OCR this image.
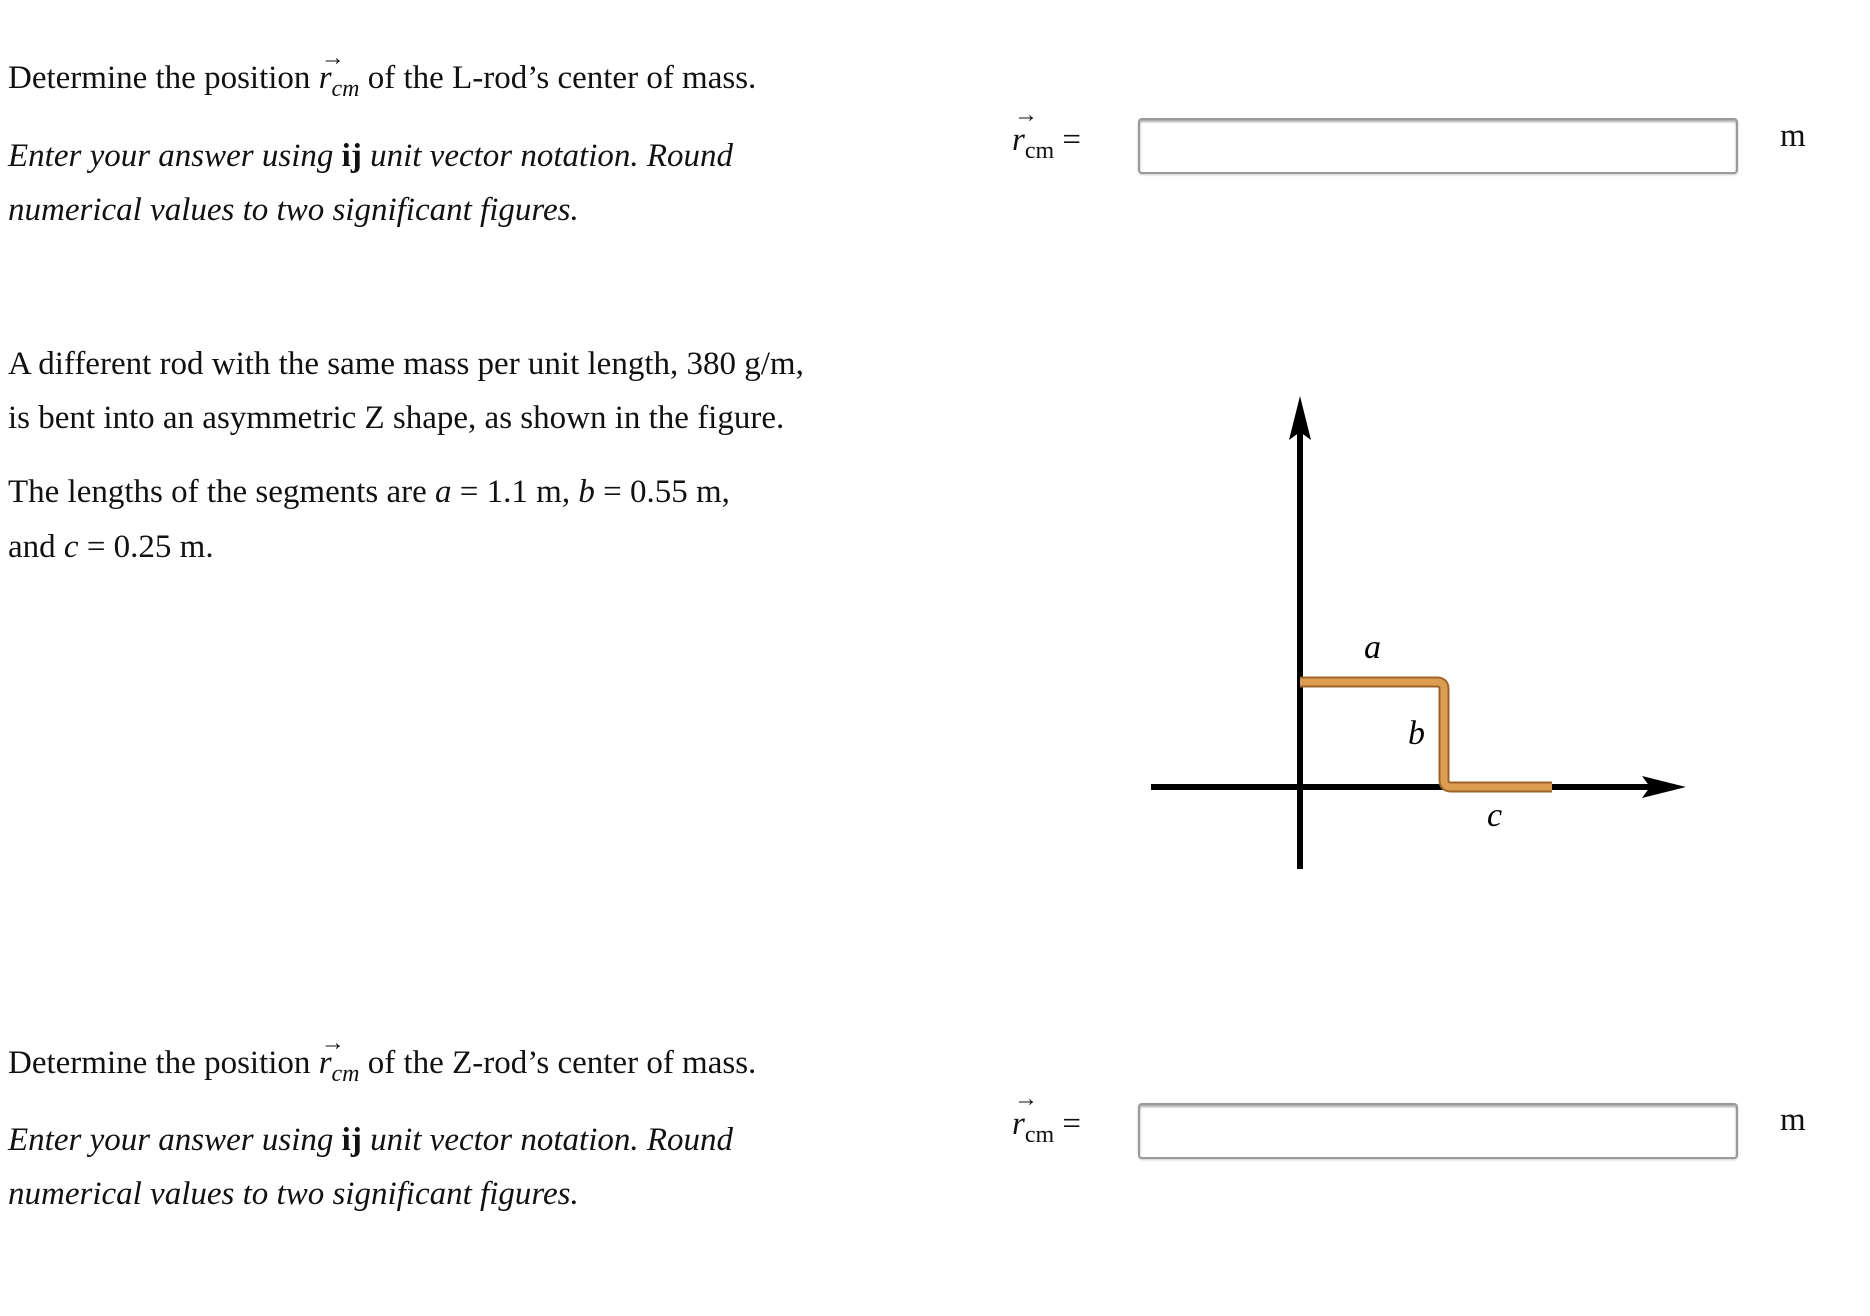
Determine the position
→
$r_{cm}$ of the L-rod’s center of mass.
Enter your answer using ij unit vector notation. Round
numerical values to two significant figures.
→
$r_{cm}$ =	m
A different rod with the same mass per unit length, 380 g/m,
is bent into an asymmetric Z shape, as shown in the figure.
The lengths of the segments are a = 1.1 m, b = 0.55 m,
and c = 0.25 m.
a
b
c
Determine the position
→
$r_{cm}$ of the Z-rod’s center of mass.
Enter your answer using ij unit vector notation. Round
numerical values to two significant figures.
→
$r_{cm}$ =	m
